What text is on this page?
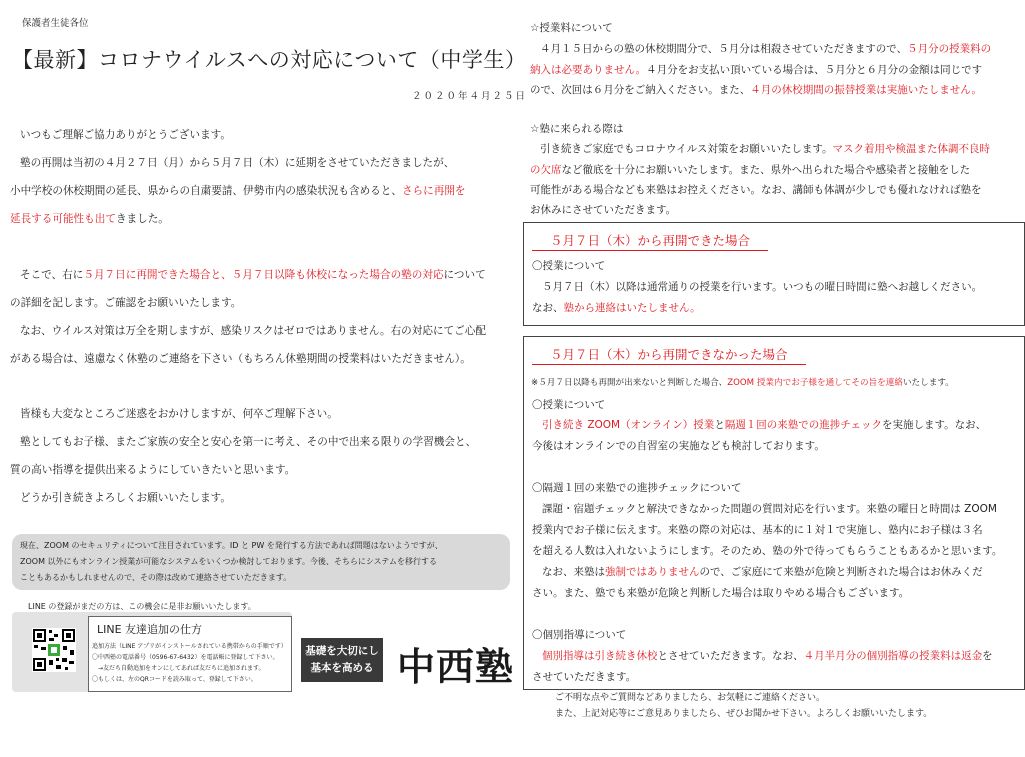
保護者生徒各位
【最新】コロナウイルスへの対応について（中学生）
２０２０年４月２５日
いつもご理解ご協力ありがとうございます。
塾の再開は当初の４月２７日（月）から５月７日（木）に延期をさせていただきましたが、
小中学校の休校期間の延長、県からの自粛要請、伊勢市内の感染状況も含めると、さらに再開を
延長する可能性も出てきました。
そこで、右に５月７日に再開できた場合と、５月７日以降も休校になった場合の塾の対応について
の詳細を記します。ご確認をお願いいたします。
なお、ウイルス対策は万全を期しますが、感染リスクはゼロではありません。右の対応にてご心配
がある場合は、遠慮なく休塾のご連絡を下さい（もちろん休塾期間の授業料はいただきません）。
皆様も大変なところご迷惑をおかけしますが、何卒ご理解下さい。
塾としてもお子様、またご家族の安全と安心を第一に考え、その中で出来る限りの学習機会と、
質の高い指導を提供出来るようにしていきたいと思います。
どうか引き続きよろしくお願いいたします。
現在、ZOOM のセキュリティについて注目されています。ID と PW を発行する方法であれば問題はないようですが、
ZOOM 以外にもオンライン授業が可能なシステムをいくつか検討しております。今後、そちらにシステムを移行する
こともあるかもしれませんので、その際は改めて連絡させていただきます。
LINE の登録がまだの方は、この機会に是非お願いいたします。
LINE 友達追加の仕方
追加方法（LINE アプリがインストールされている携帯からの手順です）
〇中西塾の電話番号（0596-67-6432）を電話帳に登録して下さい。
→友だち自動追加をオンにしてあれば友だちに追加されます。
〇もしくは、左のQRコードを読み取って、登録して下さい。
基礎を大切にし
基本を高める 中西塾
☆授業料について
４月１５日からの塾の休校期間分で、５月分は相殺させていただきますので、５月分の授業料の
納入は必要ありません。４月分をお支払い頂いている場合は、５月分と６月分の金額は同じです
ので、次回は６月分をご納入ください。また、４月の休校期間の振替授業は実施いたしません。
☆塾に来られる際は
引き続きご家庭でもコロナウイルス対策をお願いいたします。マスク着用や検温また体調不良時
の欠席など徹底を十分にお願いいたします。また、県外へ出られた場合や感染者と接触をした
可能性がある場合なども来塾はお控えください。なお、講師も体調が少しでも優れなければ塾を
お休みにさせていただきます。
５月７日（木）から再開できた場合
〇授業について
５月７日（木）以降は通常通りの授業を行います。いつもの曜日時間に塾へお越しください。
なお、塾から連絡はいたしません。
５月７日（木）から再開できなかった場合
※５月７日以降も再開が出来ないと判断した場合、ZOOM 授業内でお子様を通してその旨を連絡いたします。
〇授業について
引き続き ZOOM（オンライン）授業と隔週１回の来塾での進捗チェックを実施します。なお、
今後はオンラインでの自習室の実施なども検討しております。
〇隔週１回の来塾での進捗チェックについて
課題・宿題チェックと解決できなかった問題の質問対応を行います。来塾の曜日と時間は ZOOM
授業内でお子様に伝えます。来塾の際の対応は、基本的に１対１で実施し、塾内にお子様は３名
を超える人数は入れないようにします。そのため、塾の外で待ってもらうこともあるかと思います。
なお、来塾は強制ではありませんので、ご家庭にて来塾が危険と判断された場合はお休みくだ
さい。また、塾でも来塾が危険と判断した場合は取りやめる場合もございます。
〇個別指導について
個別指導は引き続き休校とさせていただきます。なお、４月半月分の個別指導の授業料は返金を
させていただきます。
ご不明な点やご質問などありましたら、お気軽にご連絡ください。
また、上記対応等にご意見ありましたら、ぜひお聞かせ下さい。よろしくお願いいたします。
